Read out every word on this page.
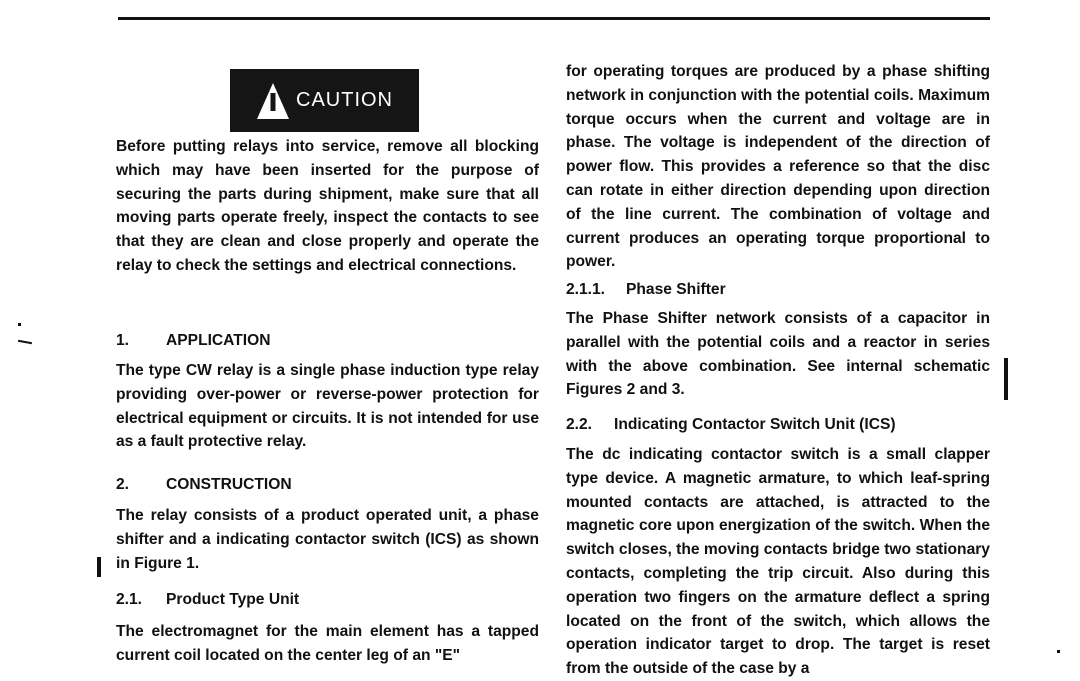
CAUTION

Before putting relays into service, remove all blocking which may have been inserted for the purpose of securing the parts during shipment, make sure that all moving parts operate freely, inspect the contacts to see that they are clean and close properly and operate the relay to check the settings and electrical connections.

1.	APPLICATION

The type CW relay is a single phase induction type relay providing over-power or reverse-power protection for electrical equipment or circuits. It is not intended for use as a fault protective relay.

2.	CONSTRUCTION

The relay consists of a product operated unit, a phase shifter and a indicating contactor switch (ICS) as shown in Figure 1.

2.1.	Product Type Unit

The electromagnet for the main element has a tapped current coil located on the center leg of an "E"

for operating torques are produced by a phase shifting network in conjunction with the potential coils. Maximum torque occurs when the current and voltage are in phase. The voltage is independent of the direction of power flow. This provides a reference so that the disc can rotate in either direction depending upon direction of the line current. The combination of voltage and current produces an operating torque proportional to power.

2.1.1.	Phase Shifter

The Phase Shifter network consists of a capacitor in parallel with the potential coils and a reactor in series with the above combination. See internal schematic Figures 2 and 3.

2.2.	Indicating Contactor Switch Unit (ICS)

The dc indicating contactor switch is a small clapper type device. A magnetic armature, to which leaf-spring mounted contacts are attached, is attracted to the magnetic core upon energization of the switch. When the switch closes, the moving contacts bridge two stationary contacts, completing the trip circuit. Also during this operation two fingers on the armature deflect a spring located on the front of the switch, which allows the operation indicator target to drop. The target is reset from the outside of the case by a
